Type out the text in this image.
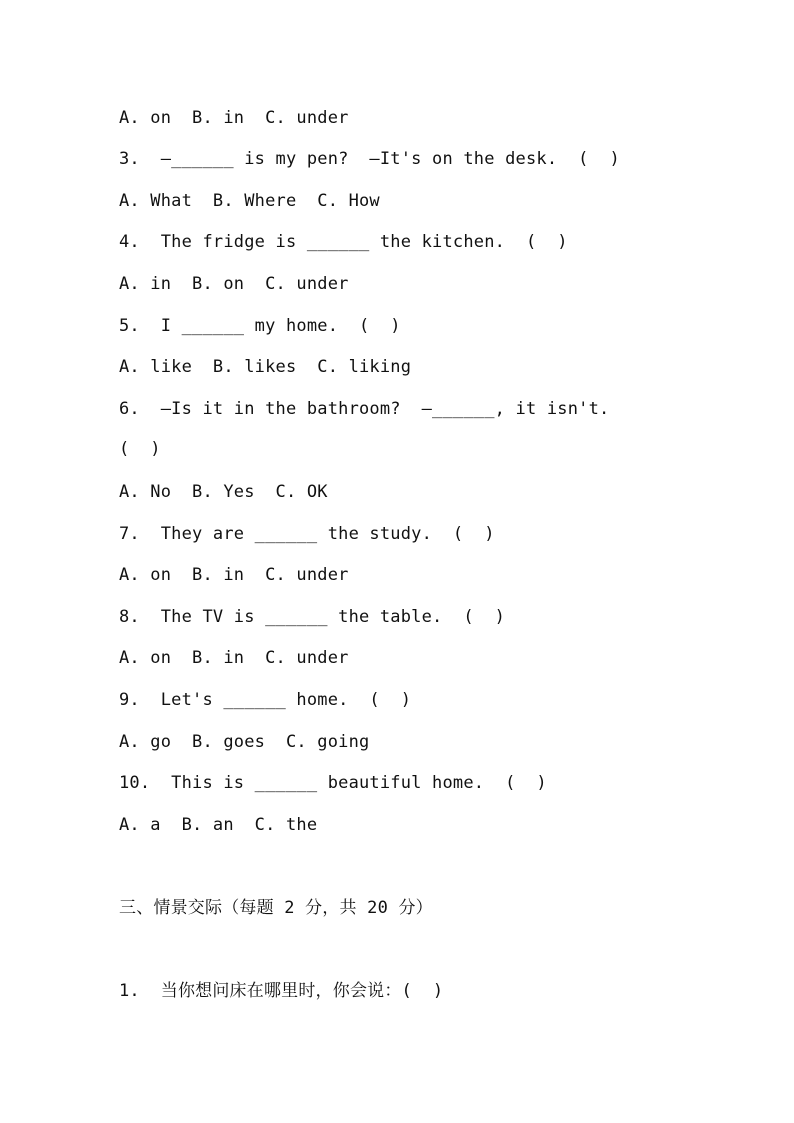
A. on  B. in  C. under
3.  —______ is my pen?  —It's on the desk.  (  )
A. What  B. Where  C. How
4.  The fridge is ______ the kitchen.  (  )
A. in  B. on  C. under
5.  I ______ my home.  (  )
A. like  B. likes  C. liking
6.  —Is it in the bathroom?  —______, it isn't.
(  )
A. No  B. Yes  C. OK
7.  They are ______ the study.  (  )
A. on  B. in  C. under
8.  The TV is ______ the table.  (  )
A. on  B. in  C. under
9.  Let's ______ home.  (  )
A. go  B. goes  C. going
10.  This is ______ beautiful home.  (  )
A. a  B. an  C. the
三、情景交际（每题 2 分，共 20 分）
1.  当你想问床在哪里时，你会说：(  )
